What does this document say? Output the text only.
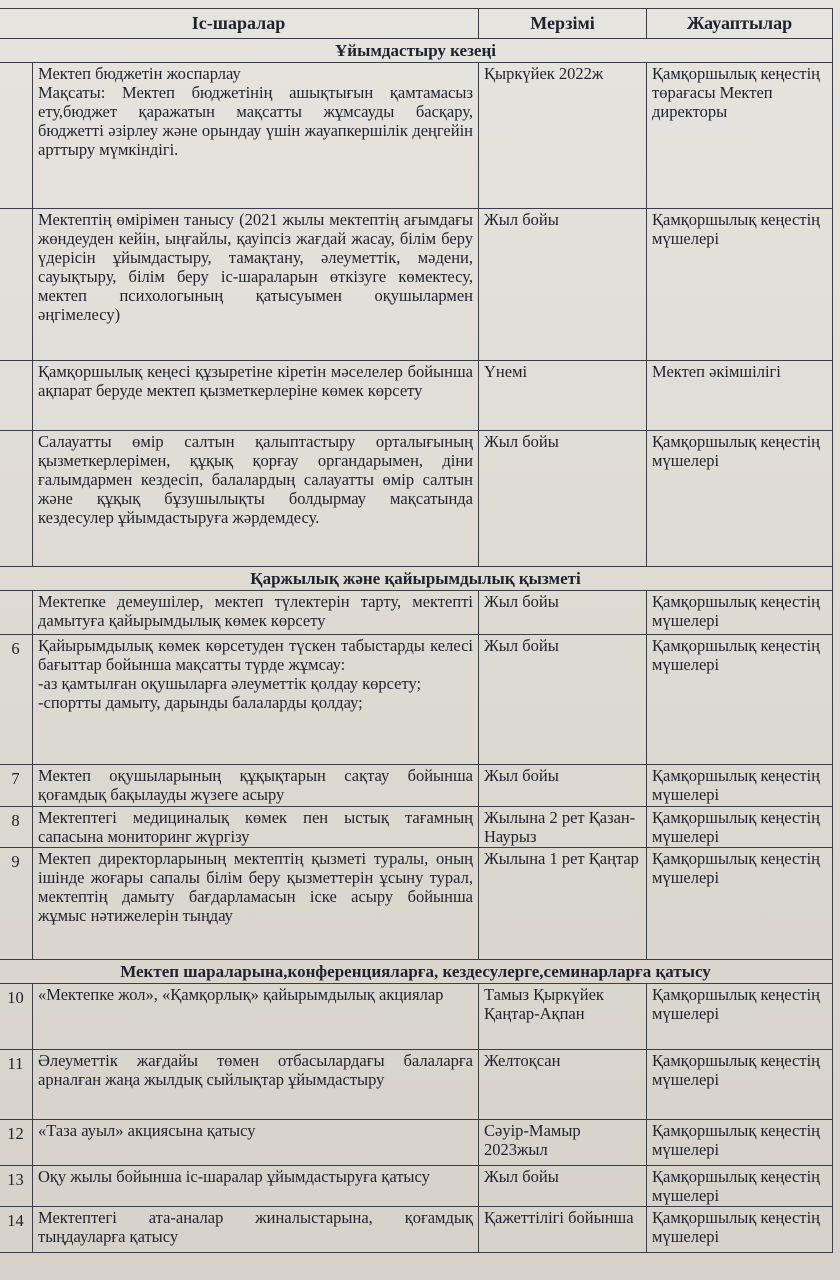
Іс-шаралар		Мерзімі	Жауаптылар
Ұйымдастыру кезеңі			

	Мектеп бюджетін жоспарлау
Мақсаты: Мектеп бюджетінің ашықтығын қамтамасыз ету,бюджет қаражатын мақсатты жұмсауды басқару, бюджетті әзірлеу және орындау үшін жауапкершілік деңгейін арттыру мүмкіндігі.	Қыркүйек 2022ж	Қамқоршылық кеңестің төрағасы Мектеп директоры

	Мектептің өмірімен танысу (2021 жылы мектептің ағымдағы жөндеуден кейін, ыңғайлы, қауіпсіз жағдай жасау, білім беру үдерісін ұйымдастыру, тамақтану, әлеуметтік, мәдени, сауықтыру, білім беру іс-шараларын өткізуге көмектесу, мектеп психологының қатысуымен оқушылармен әңгімелесу)	Жыл бойы	Қамқоршылық кеңестің мүшелері

	Қамқоршылық кеңесі құзыретіне кіретін мәселелер бойынша ақпарат беруде мектеп қызметкерлеріне көмек көрсету	Үнемі	Мектеп әкімшілігі

	Салауатты өмір салтын қалыптастыру орталығының қызметкерлерімен, құқық қорғау органдарымен, діни ғалымдармен кездесіп, балалардың салауатты өмір салтын және құқық бұзушылықты болдырмау мақсатында кездесулер ұйымдастыруға жәрдемдесу.	Жыл бойы	Қамқоршылық кеңестің мүшелері
Қаржылық және қайырымдылық қызметі			

	Мектепке демеушілер, мектеп түлектерін тарту, мектепті дамытуға қайырымдылық көмек көрсету	Жыл бойы	Қамқоршылық кеңестің мүшелері
6	Қайырымдылық көмек көрсетуден түскен табыстарды келесі бағыттар бойынша мақсатты түрде жұмсау:
-аз қамтылған оқушыларға әлеуметтік қолдау көрсету;
-спортты дамыту, дарынды балаларды қолдау;	Жыл бойы	Қамқоршылық кеңестің мүшелері
7	Мектеп оқушыларының құқықтарын сақтау бойынша қоғамдық бақылауды жүзеге асыру	Жыл бойы	Қамқоршылық кеңестің мүшелері
8	Мектептегі медициналық көмек пен ыстық тағамның сапасына мониторинг жүргізу	Жылына 2 рет Қазан-Наурыз	Қамқоршылық кеңестің мүшелері
9	Мектеп директорларының мектептің қызметі туралы, оның ішінде жоғары сапалы білім беру қызметтерін ұсыну турал, мектептің дамыту бағдарламасын іске асыру бойынша жұмыс нәтижелерін тыңдау	Жылына 1 рет Қаңтар	Қамқоршылық кеңестің мүшелері
Мектеп шараларына,конференцияларға, кездесулерге,семинарларға қатысу			
10	«Мектепке жол», «Қамқорлық» қайырымдылық акциялар	Тамыз Қыркүйек Қаңтар-Ақпан	Қамқоршылық кеңестің мүшелері
11	Әлеуметтік жағдайы төмен отбасылардағы балаларға арналған жаңа жылдық сыйлықтар ұйымдастыру	Желтоқсан	Қамқоршылық кеңестің мүшелері
12	«Таза ауыл» акциясына қатысу	Сәуір-Мамыр 2023жыл	Қамқоршылық кеңестің мүшелері
13	Оқу жылы бойынша іс-шаралар ұйымдастыруға қатысу	Жыл бойы	Қамқоршылық кеңестің мүшелері
14	Мектептегі ата-аналар жиналыстарына, қоғамдық тыңдауларға қатысу	Қажеттілігі бойынша	Қамқоршылық кеңестің мүшелері
